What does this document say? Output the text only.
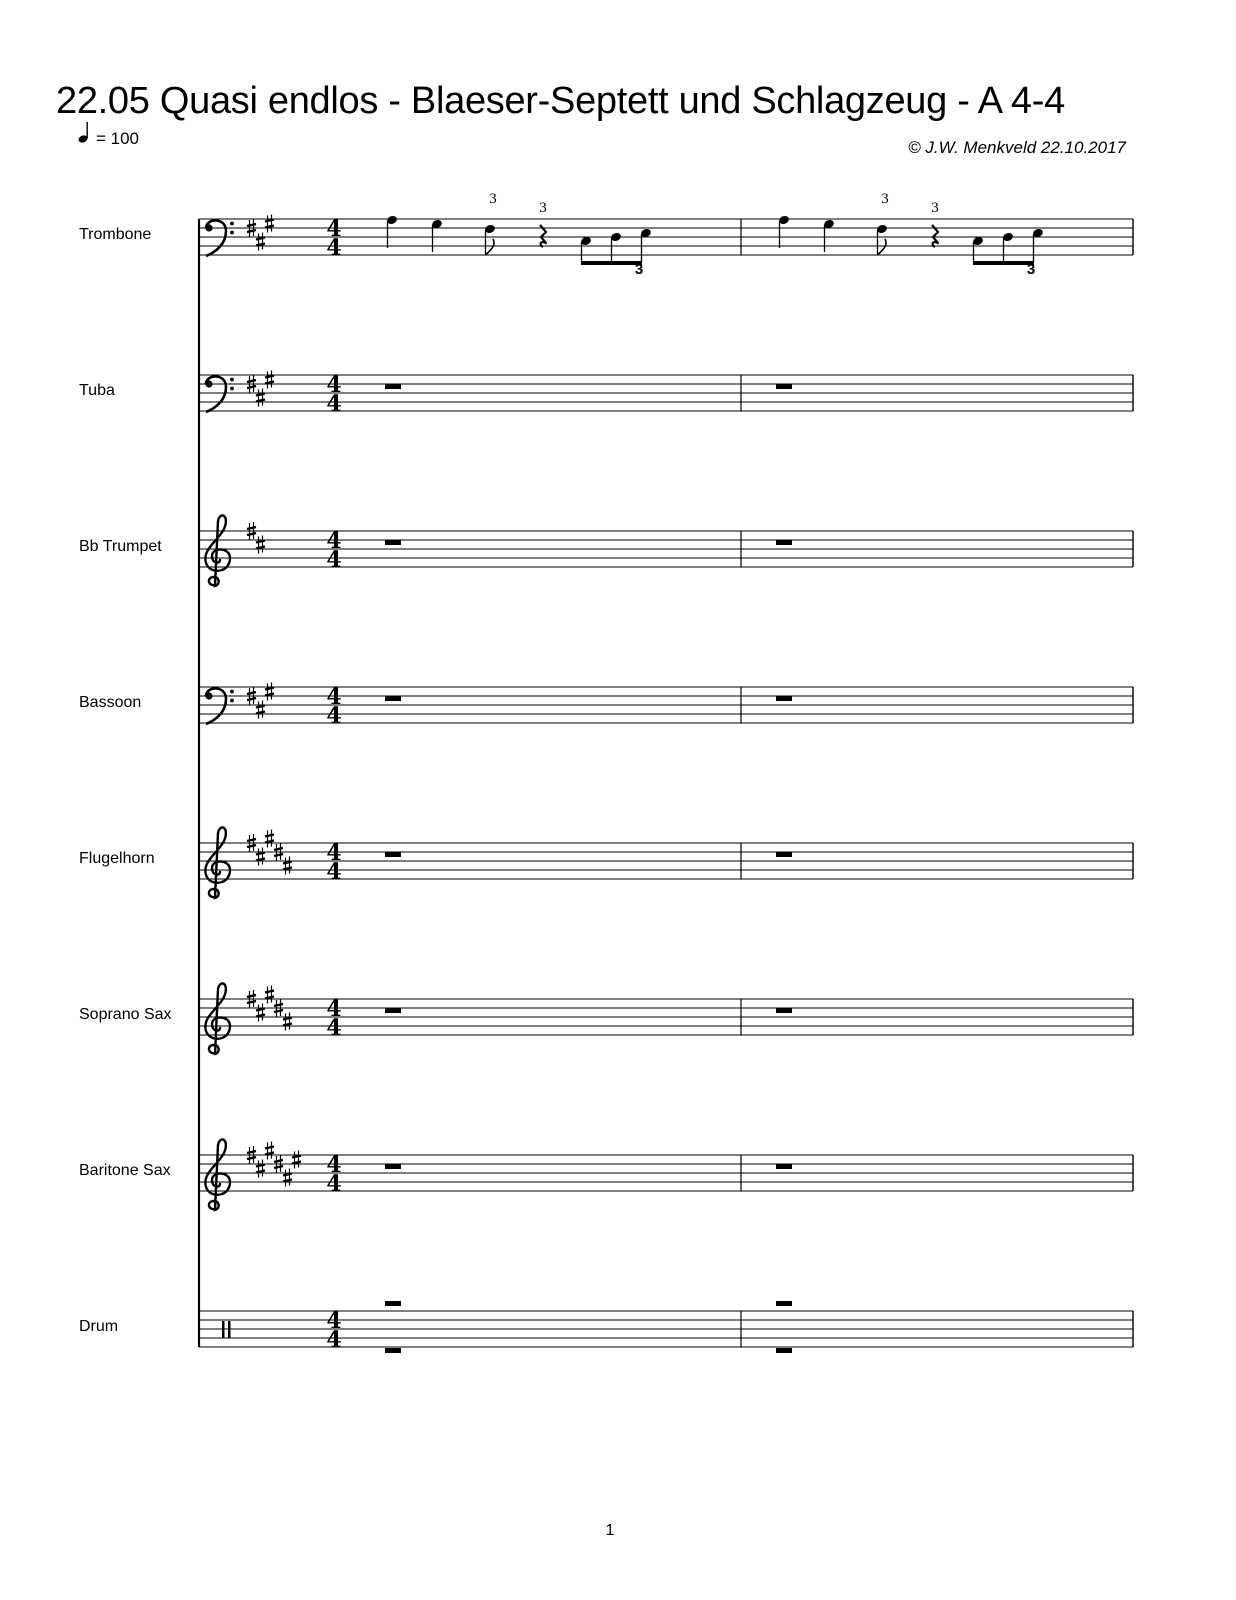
22.05 Quasi endlos - Blaeser-Septett und Schlagzeug - A 4-4
= 100	© J.W. Menkveld 22.10.2017
Trombone	4
4
3
3
3
3
3
3
Tuba	4
4
Bb Trumpet	4
4
Bassoon	4
4
Flugelhorn	4
4
Soprano Sax	4
4
Baritone Sax	4
4
Drum	4
4
1
